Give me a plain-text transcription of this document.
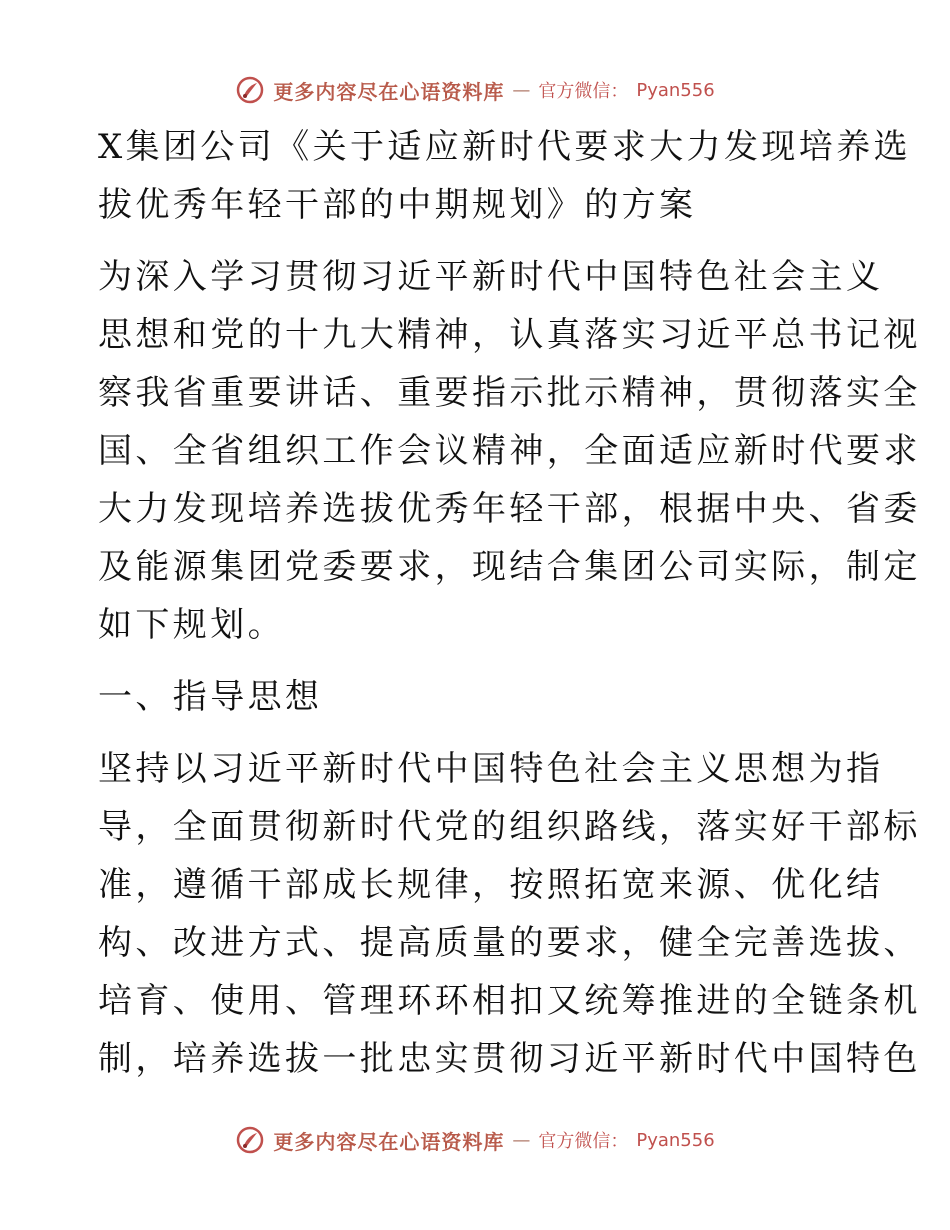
更多内容尽在心语资料库 — 官方微信： Pyan556

X集团公司《关于适应新时代要求大力发现培养选

拔优秀年轻干部的中期规划》的方案

为深入学习贯彻习近平新时代中国特色社会主义

思想和党的十九大精神，认真落实习近平总书记视

察我省重要讲话、重要指示批示精神，贯彻落实全

国、全省组织工作会议精神，全面适应新时代要求

大力发现培养选拔优秀年轻干部，根据中央、省委

及能源集团党委要求，现结合集团公司实际，制定

如下规划。

一、指导思想

坚持以习近平新时代中国特色社会主义思想为指

导，全面贯彻新时代党的组织路线，落实好干部标

准，遵循干部成长规律，按照拓宽来源、优化结

构、改进方式、提高质量的要求，健全完善选拔、

培育、使用、管理环环相扣又统筹推进的全链条机

制，培养选拔一批忠实贯彻习近平新时代中国特色

更多内容尽在心语资料库 — 官方微信： Pyan556
